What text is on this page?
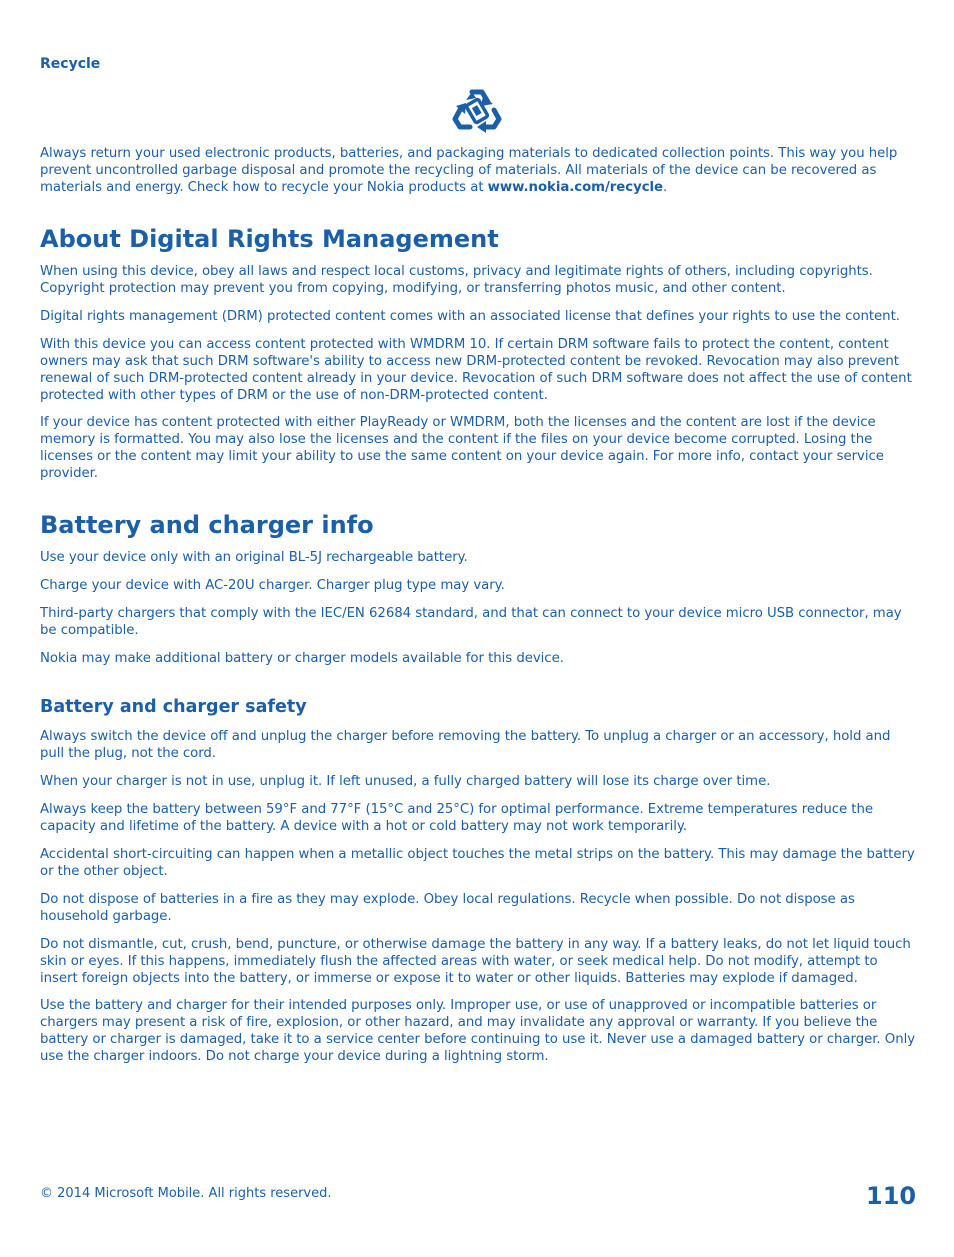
Recycle

Always return your used electronic products, batteries, and packaging materials to dedicated collection points. This way you help prevent uncontrolled garbage disposal and promote the recycling of materials. All materials of the device can be recovered as materials and energy. Check how to recycle your Nokia products at www.nokia.com/recycle.

About Digital Rights Management

When using this device, obey all laws and respect local customs, privacy and legitimate rights of others, including copyrights. Copyright protection may prevent you from copying, modifying, or transferring photos music, and other content.

Digital rights management (DRM) protected content comes with an associated license that defines your rights to use the content.

With this device you can access content protected with WMDRM 10. If certain DRM software fails to protect the content, content owners may ask that such DRM software's ability to access new DRM-protected content be revoked. Revocation may also prevent renewal of such DRM-protected content already in your device. Revocation of such DRM software does not affect the use of content protected with other types of DRM or the use of non-DRM-protected content.

If your device has content protected with either PlayReady or WMDRM, both the licenses and the content are lost if the device memory is formatted. You may also lose the licenses and the content if the files on your device become corrupted. Losing the licenses or the content may limit your ability to use the same content on your device again. For more info, contact your service provider.

Battery and charger info

Use your device only with an original BL-5J rechargeable battery.

Charge your device with AC-20U charger. Charger plug type may vary.

Third-party chargers that comply with the IEC/EN 62684 standard, and that can connect to your device micro USB connector, may be compatible.

Nokia may make additional battery or charger models available for this device.

Battery and charger safety

Always switch the device off and unplug the charger before removing the battery. To unplug a charger or an accessory, hold and pull the plug, not the cord.

When your charger is not in use, unplug it. If left unused, a fully charged battery will lose its charge over time.

Always keep the battery between 59°F and 77°F (15°C and 25°C) for optimal performance. Extreme temperatures reduce the capacity and lifetime of the battery. A device with a hot or cold battery may not work temporarily.

Accidental short-circuiting can happen when a metallic object touches the metal strips on the battery. This may damage the battery or the other object.

Do not dispose of batteries in a fire as they may explode. Obey local regulations. Recycle when possible. Do not dispose as household garbage.

Do not dismantle, cut, crush, bend, puncture, or otherwise damage the battery in any way. If a battery leaks, do not let liquid touch skin or eyes. If this happens, immediately flush the affected areas with water, or seek medical help. Do not modify, attempt to insert foreign objects into the battery, or immerse or expose it to water or other liquids. Batteries may explode if damaged.

Use the battery and charger for their intended purposes only. Improper use, or use of unapproved or incompatible batteries or chargers may present a risk of fire, explosion, or other hazard, and may invalidate any approval or warranty. If you believe the battery or charger is damaged, take it to a service center before continuing to use it. Never use a damaged battery or charger. Only use the charger indoors. Do not charge your device during a lightning storm.

© 2014 Microsoft Mobile. All rights reserved.	110
